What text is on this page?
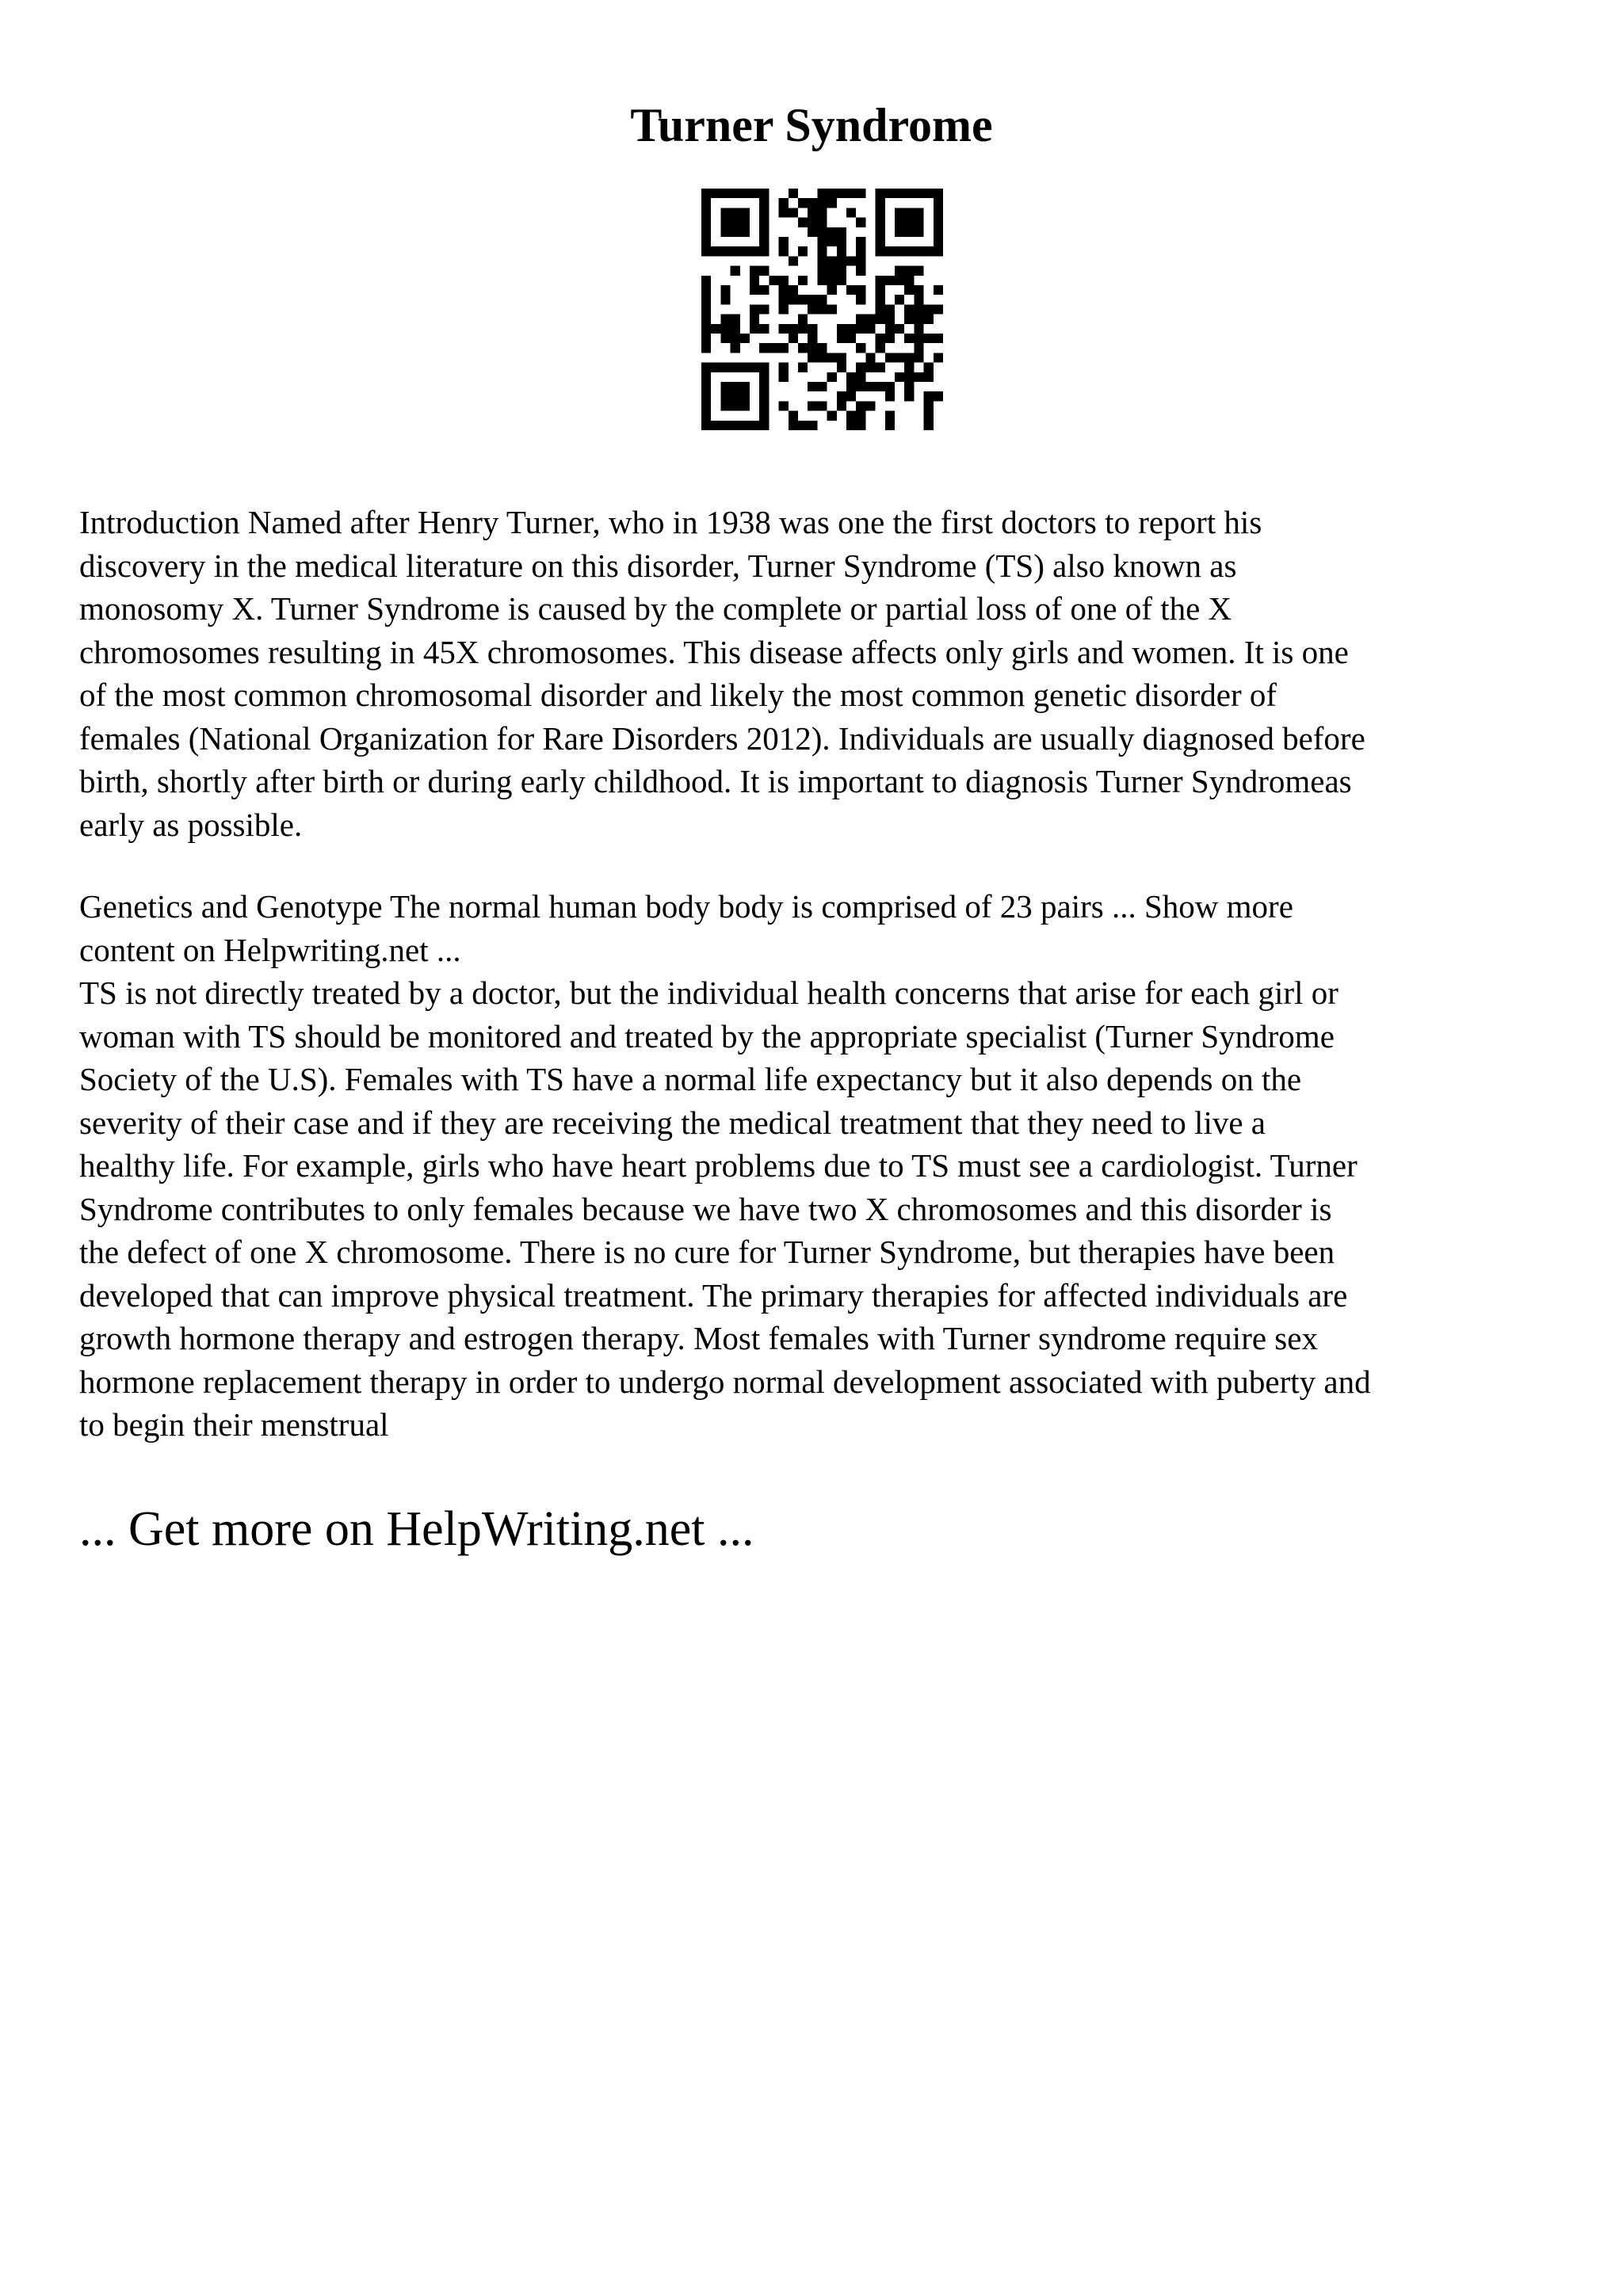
Turner Syndrome

Introduction Named after Henry Turner, who in 1938 was one the first doctors to report his
discovery in the medical literature on this disorder, Turner Syndrome (TS) also known as
monosomy X. Turner Syndrome is caused by the complete or partial loss of one of the X
chromosomes resulting in 45X chromosomes. This disease affects only girls and women. It is one
of the most common chromosomal disorder and likely the most common genetic disorder of
females (National Organization for Rare Disorders 2012). Individuals are usually diagnosed before
birth, shortly after birth or during early childhood. It is important to diagnosis Turner Syndromeas
early as possible.

Genetics and Genotype The normal human body body is comprised of 23 pairs ... Show more
content on Helpwriting.net ...

TS is not directly treated by a doctor, but the individual health concerns that arise for each girl or
woman with TS should be monitored and treated by the appropriate specialist (Turner Syndrome
Society of the U.S). Females with TS have a normal life expectancy but it also depends on the
severity of their case and if they are receiving the medical treatment that they need to live a
healthy life. For example, girls who have heart problems due to TS must see a cardiologist. Turner
Syndrome contributes to only females because we have two X chromosomes and this disorder is
the defect of one X chromosome. There is no cure for Turner Syndrome, but therapies have been
developed that can improve physical treatment. The primary therapies for affected individuals are
growth hormone therapy and estrogen therapy. Most females with Turner syndrome require sex
hormone replacement therapy in order to undergo normal development associated with puberty and
to begin their menstrual

... Get more on HelpWriting.net ...
